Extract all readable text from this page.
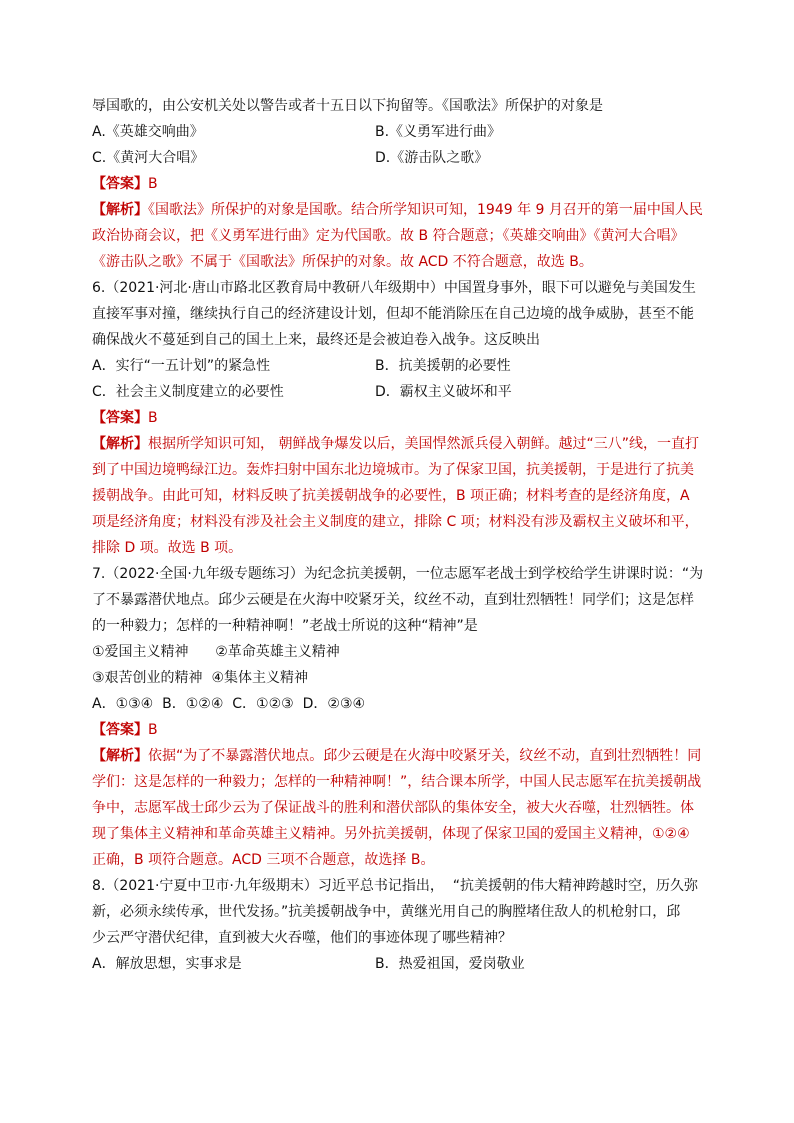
辱国歌的，由公安机关处以警告或者十五日以下拘留等。《国歌法》所保护的对象是
A.《英雄交响曲》	B.《义勇军进行曲》
C.《黄河大合唱》	D.《游击队之歌》
【答案】B
【解析】《国歌法》所保护的对象是国歌。结合所学知识可知，1949 年 9 月召开的第一届中国人民
政治协商会议，把《义勇军进行曲》定为代国歌。故 B 符合题意；《英雄交响曲》《黄河大合唱》
《游击队之歌》不属于《国歌法》所保护的对象。故 ACD 不符合题意，故选 B。
6.（2021·河北·唐山市路北区教育局中教研八年级期中）中国置身事外，眼下可以避免与美国发生
直接军事对撞，继续执行自己的经济建设计划，但却不能消除压在自己边境的战争威胁，甚至不能
确保战火不蔓延到自己的国土上来，最终还是会被迫卷入战争。这反映出
A．实行“一五计划”的紧急性	B．抗美援朝的必要性
C．社会主义制度建立的必要性	D．霸权主义破坏和平
【答案】B
【解析】根据所学知识可知， 朝鲜战争爆发以后，美国悍然派兵侵入朝鲜。越过“三八”线，一直打
到了中国边境鸭绿江边。轰炸扫射中国东北边境城市。为了保家卫国，抗美援朝，于是进行了抗美
援朝战争。由此可知，材料反映了抗美援朝战争的必要性，B 项正确；材料考查的是经济角度，A
项是经济角度；材料没有涉及社会主义制度的建立，排除 C 项；材料没有涉及霸权主义破坏和平，
排除 D 项。故选 B 项。
7.（2022·全国·九年级专题练习）为纪念抗美援朝，一位志愿军老战士到学校给学生讲课时说：“为
了不暴露潜伏地点。邱少云硬是在火海中咬紧牙关，纹丝不动，直到壮烈牺牲！同学们；这是怎样
的一种毅力；怎样的一种精神啊！”老战士所说的这种“精神”是
①爱国主义精神      ②革命英雄主义精神
③艰苦创业的精神  ④集体主义精神
A．①③④  B．①②④  C．①②③  D．②③④
【答案】B
【解析】依据“为了不暴露潜伏地点。邱少云硬是在火海中咬紧牙关，纹丝不动，直到壮烈牺牲！同
学们：这是怎样的一种毅力；怎样的一种精神啊！”，结合课本所学，中国人民志愿军在抗美援朝战
争中，志愿军战士邱少云为了保证战斗的胜利和潜伏部队的集体安全，被大火吞噬，壮烈牺牲。体
现了集体主义精神和革命英雄主义精神。另外抗美援朝，体现了保家卫国的爱国主义精神，①②④
正确，B 项符合题意。ACD 三项不合题意，故选择 B。
8.（2021·宁夏中卫市·九年级期末）习近平总书记指出，  “抗美援朝的伟大精神跨越时空，历久弥
新，必须永续传承，世代发扬。”抗美援朝战争中，黄继光用自己的胸膛堵住敌人的机枪射口，邱
少云严守潜伏纪律，直到被大火吞噬，他们的事迹体现了哪些精神？
A．解放思想，实事求是	B．热爱祖国，爱岗敬业
